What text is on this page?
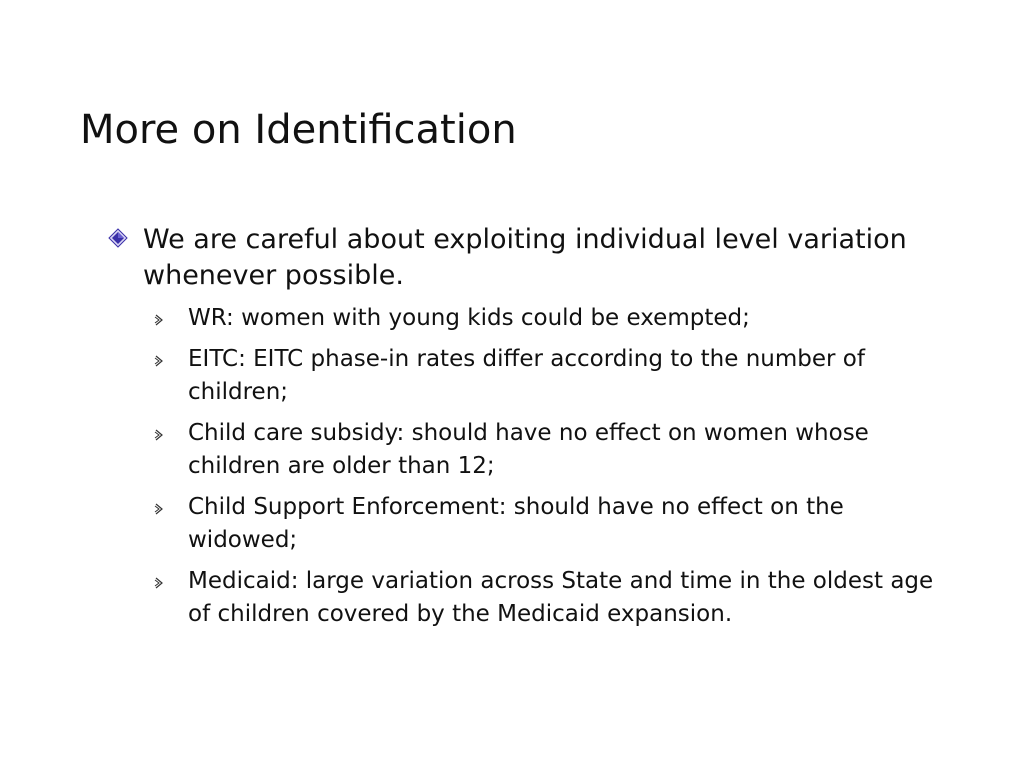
More on Identification
We are careful about exploiting individual level variation whenever possible.
WR: women with young kids could be exempted;
EITC: EITC phase-in rates differ according to the number of children;
Child care subsidy: should have no effect on women whose children are older than 12;
Child Support Enforcement: should have no effect on the widowed;
Medicaid: large variation across State and time in the oldest age of children covered by the Medicaid expansion.
